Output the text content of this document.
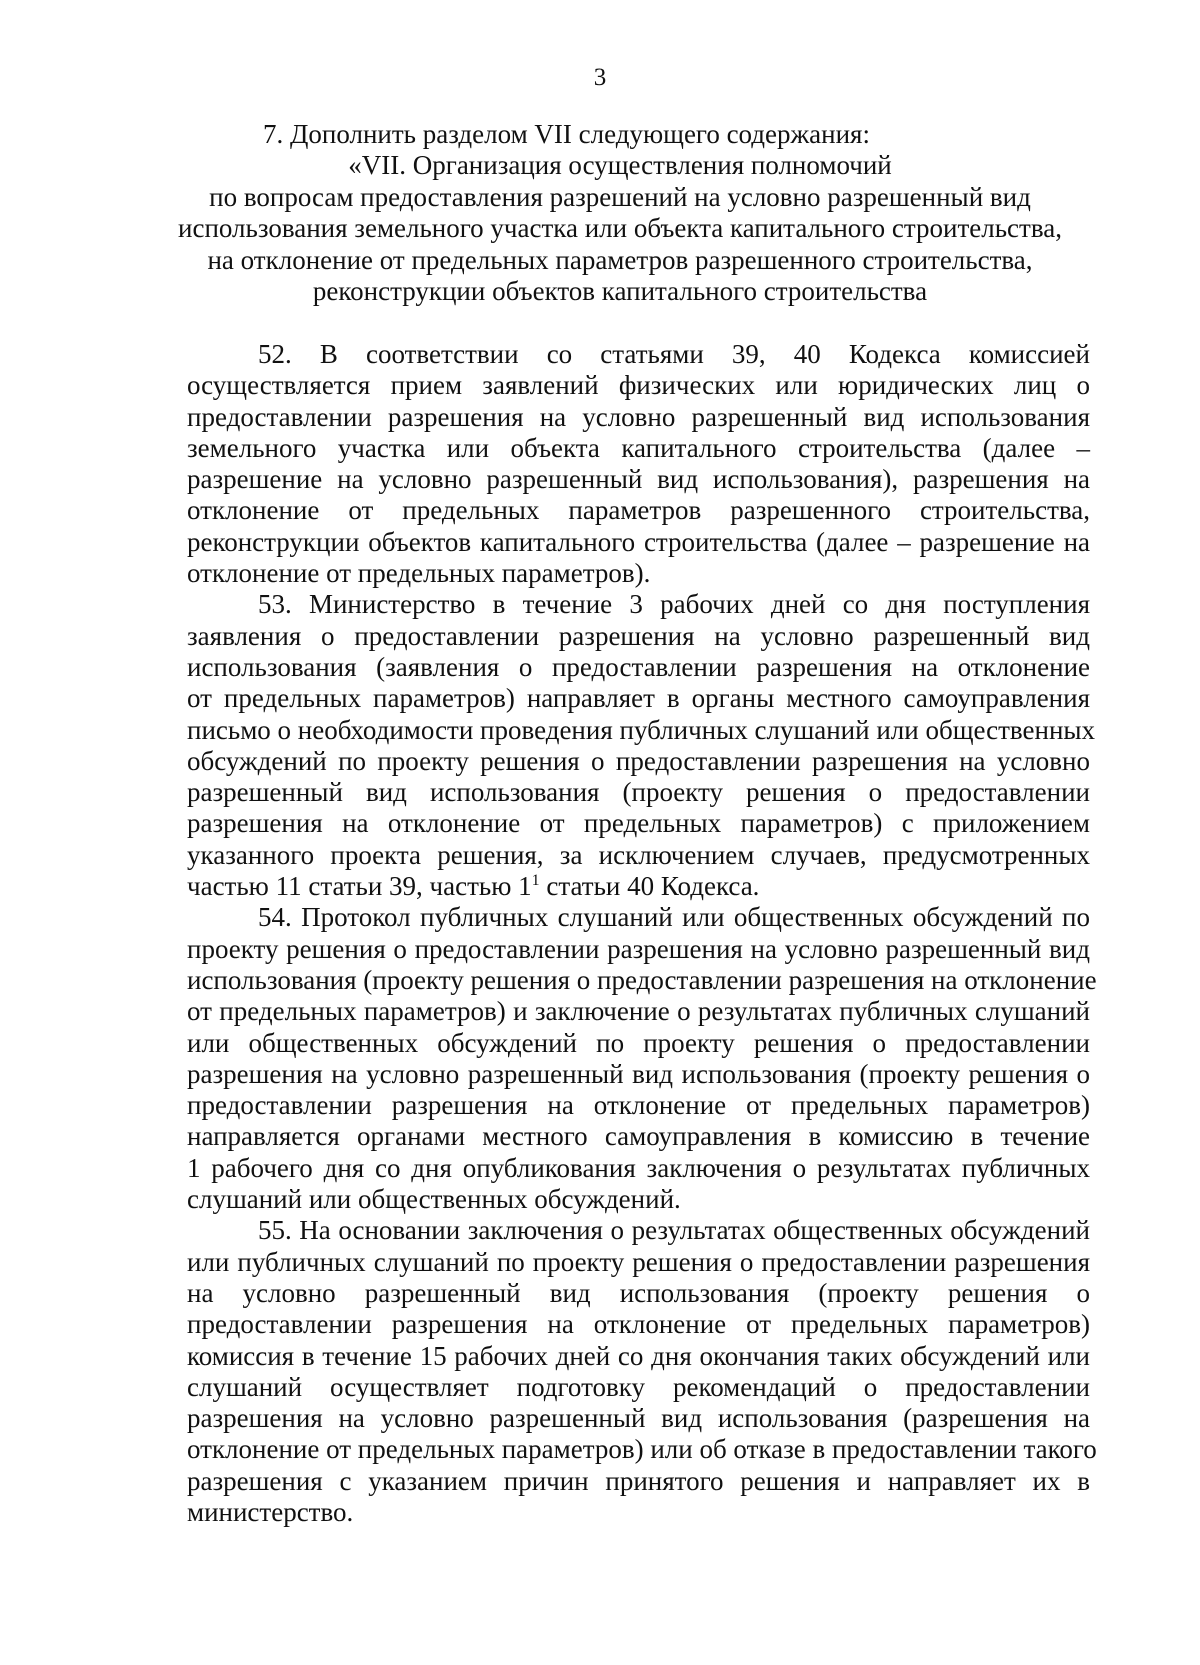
3
7. Дополнить разделом VII следующего содержания:
«VII. Организация осуществления полномочий
по вопросам предоставления разрешений на условно разрешенный вид
использования земельного участка или объекта капитального строительства,
на отклонение от предельных параметров разрешенного строительства,
реконструкции объектов капитального строительства
52. В соответствии со статьями 39, 40 Кодекса комиссией
осуществляется прием заявлений физических или юридических лиц о
предоставлении разрешения на условно разрешенный вид использования
земельного участка или объекта капитального строительства (далее –
разрешение на условно разрешенный вид использования), разрешения на
отклонение от предельных параметров разрешенного строительства,
реконструкции объектов капитального строительства (далее – разрешение на
отклонение от предельных параметров).
53. Министерство в течение 3 рабочих дней со дня поступления
заявления о предоставлении разрешения на условно разрешенный вид
использования (заявления о предоставлении разрешения на отклонение
от предельных параметров) направляет в органы местного самоуправления
письмо о необходимости проведения публичных слушаний или общественных
обсуждений по проекту решения о предоставлении разрешения на условно
разрешенный вид использования (проекту решения о предоставлении
разрешения на отклонение от предельных параметров) с приложением
указанного проекта решения, за исключением случаев, предусмотренных
частью 11 статьи 39, частью $1^1$ статьи 40 Кодекса.
54. Протокол публичных слушаний или общественных обсуждений по
проекту решения о предоставлении разрешения на условно разрешенный вид
использования (проекту решения о предоставлении разрешения на отклонение
от предельных параметров) и заключение о результатах публичных слушаний
или общественных обсуждений по проекту решения о предоставлении
разрешения на условно разрешенный вид использования (проекту решения о
предоставлении разрешения на отклонение от предельных параметров)
направляется органами местного самоуправления в комиссию в течение
1 рабочего дня со дня опубликования заключения о результатах публичных
слушаний или общественных обсуждений.
55. На основании заключения о результатах общественных обсуждений
или публичных слушаний по проекту решения о предоставлении разрешения
на условно разрешенный вид использования (проекту решения о
предоставлении разрешения на отклонение от предельных параметров)
комиссия в течение 15 рабочих дней со дня окончания таких обсуждений или
слушаний осуществляет подготовку рекомендаций о предоставлении
разрешения на условно разрешенный вид использования (разрешения на
отклонение от предельных параметров) или об отказе в предоставлении такого
разрешения с указанием причин принятого решения и направляет их в
министерство.
